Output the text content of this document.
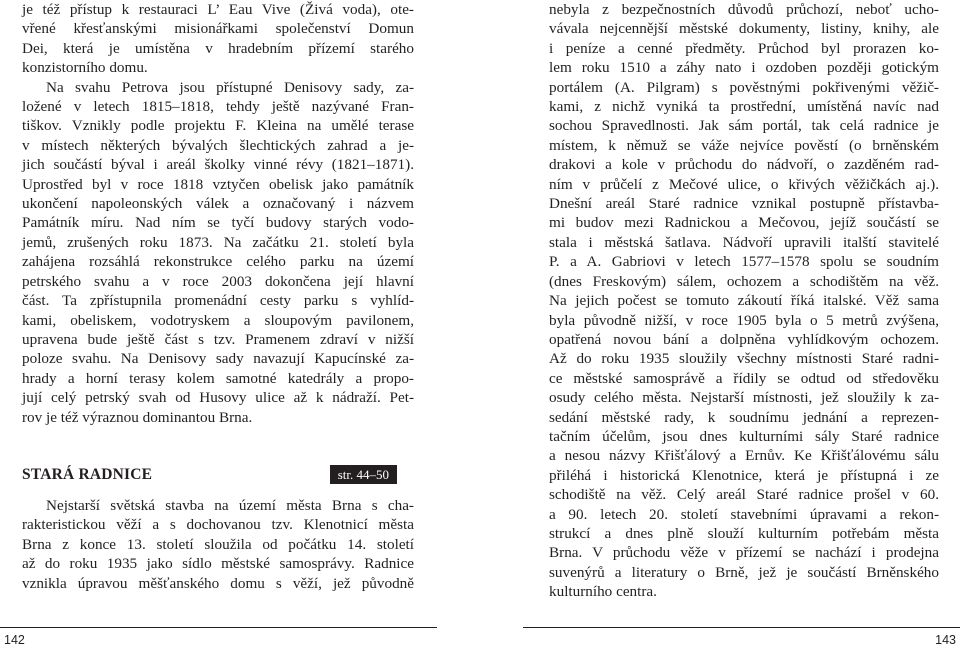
je též přístup k restauraci L’ Eau Vive (Živá voda), ote-
vřené křesťanskými misionářkami společenství Domun
Dei, která je umístěna v hradebním přízemí starého
konzistorního domu.
Na svahu Petrova jsou přístupné Denisovy sady, za-
ložené v letech 1815–1818, tehdy ještě nazývané Fran-
tiškov. Vznikly podle projektu F. Kleina na umělé terase
v místech některých bývalých šlechtických zahrad a je-
jich součástí býval i areál školky vinné révy (1821–1871).
Uprostřed byl v roce 1818 vztyčen obelisk jako památník
ukončení napoleonských válek a označovaný i názvem
Památník míru. Nad ním se tyčí budovy starých vodo-
jemů, zrušených roku 1873. Na začátku 21. století byla
zahájena rozsáhlá rekonstrukce celého parku na území
petrského svahu a v roce 2003 dokončena její hlavní
část. Ta zpřístupnila promenádní cesty parku s vyhlíd-
kami, obeliskem, vodotryskem a sloupovým pavilonem,
upravena bude ještě část s tzv. Pramenem zdraví v nižší
poloze svahu. Na Denisovy sady navazují Kapucínské za-
hrady a horní terasy kolem samotné katedrály a propo-
jují celý petrský svah od Husovy ulice až k nádraží. Pet-
rov je též výraznou dominantou Brna.
STARÁ RADNICE	str. 44–50
Nejstarší světská stavba na území města Brna s cha-
rakteristickou věží a s dochovanou tzv. Klenotnicí města
Brna z konce 13. století sloužila od počátku 14. století
až do roku 1935 jako sídlo městské samosprávy. Radnice
vznikla úpravou měšťanského domu s věží, jež původně
nebyla z bezpečnostních důvodů průchozí, neboť ucho-
vávala nejcennější městské dokumenty, listiny, knihy, ale
i peníze a cenné předměty. Průchod byl prorazen ko-
lem roku 1510 a záhy nato i ozdoben později gotickým
portálem (A. Pilgram) s pověstnými pokřivenými věžič-
kami, z nichž vyniká ta prostřední, umístěná navíc nad
sochou Spravedlnosti. Jak sám portál, tak celá radnice je
místem, k němuž se váže nejvíce pověstí (o brněnském
drakovi a kole v průchodu do nádvoří, o zazděném rad-
ním v průčelí z Mečové ulice, o křivých věžičkách aj.).
Dnešní areál Staré radnice vznikal postupně přístavba-
mi budov mezi Radnickou a Mečovou, jejíž součástí se
stala i městská šatlava. Nádvoří upravili italští stavitelé
P. a A. Gabriovi v letech 1577–1578 spolu se soudním
(dnes Freskovým) sálem, ochozem a schodištěm na věž.
Na jejich počest se tomuto zákoutí říká italské. Věž sama
byla původně nižší, v roce 1905 byla o 5 metrů zvýšena,
opatřená novou bání a dolpněna vyhlídkovým ochozem.
Až do roku 1935 sloužily všechny místnosti Staré radni-
ce městské samosprávě a řídily se odtud od středověku
osudy celého města. Nejstarší místnosti, jež sloužily k za-
sedání městské rady, k soudnímu jednání a reprezen-
tačním účelům, jsou dnes kulturními sály Staré radnice
a nesou názvy Křišťálový a Ernův. Ke Křišťálovému sálu
přiléhá i historická Klenotnice, která je přístupná i ze
schodiště na věž. Celý areál Staré radnice prošel v 60.
a 90. letech 20. století stavebními úpravami a rekon-
strukcí a dnes plně slouží kulturním potřebám města
Brna. V průchodu věže v přízemí se nachází i prodejna
suvenýrů a literatury o Brně, jež je součástí Brněnského
kulturního centra.
142	143
